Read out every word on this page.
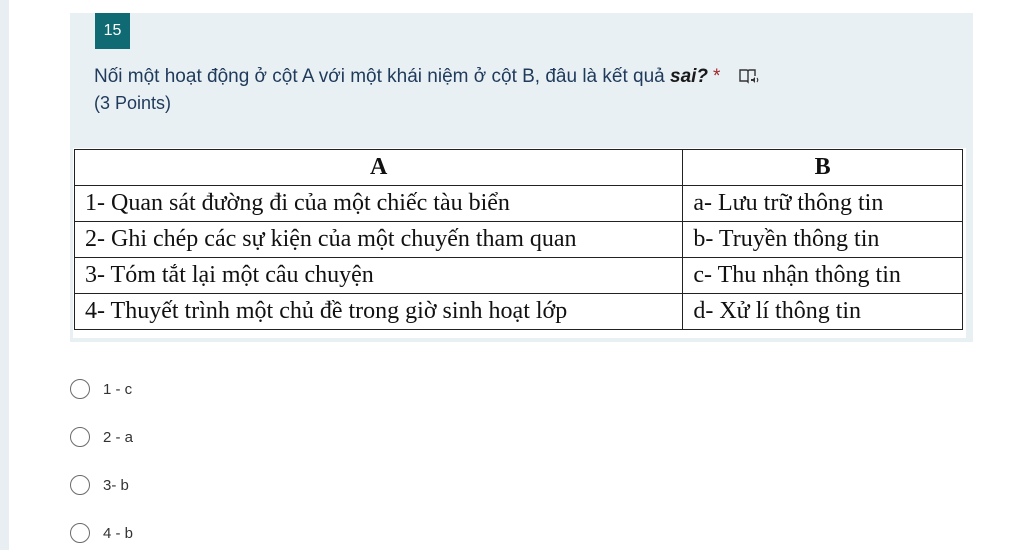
15
Nối một hoạt động ở cột A với một khái niệm ở cột B, đâu là kết quả sai? *
(3 Points)
A	B
1- Quan sát đường đi của một chiếc tàu biển	a- Lưu trữ thông tin
2- Ghi chép các sự kiện của một chuyến tham quan	b- Truyền thông tin
3- Tóm tắt lại một câu chuyện	c- Thu nhận thông tin
4- Thuyết trình một chủ đề trong giờ sinh hoạt lớp	d- Xử lí thông tin
1 - c
2 - a
3- b
4 - b
